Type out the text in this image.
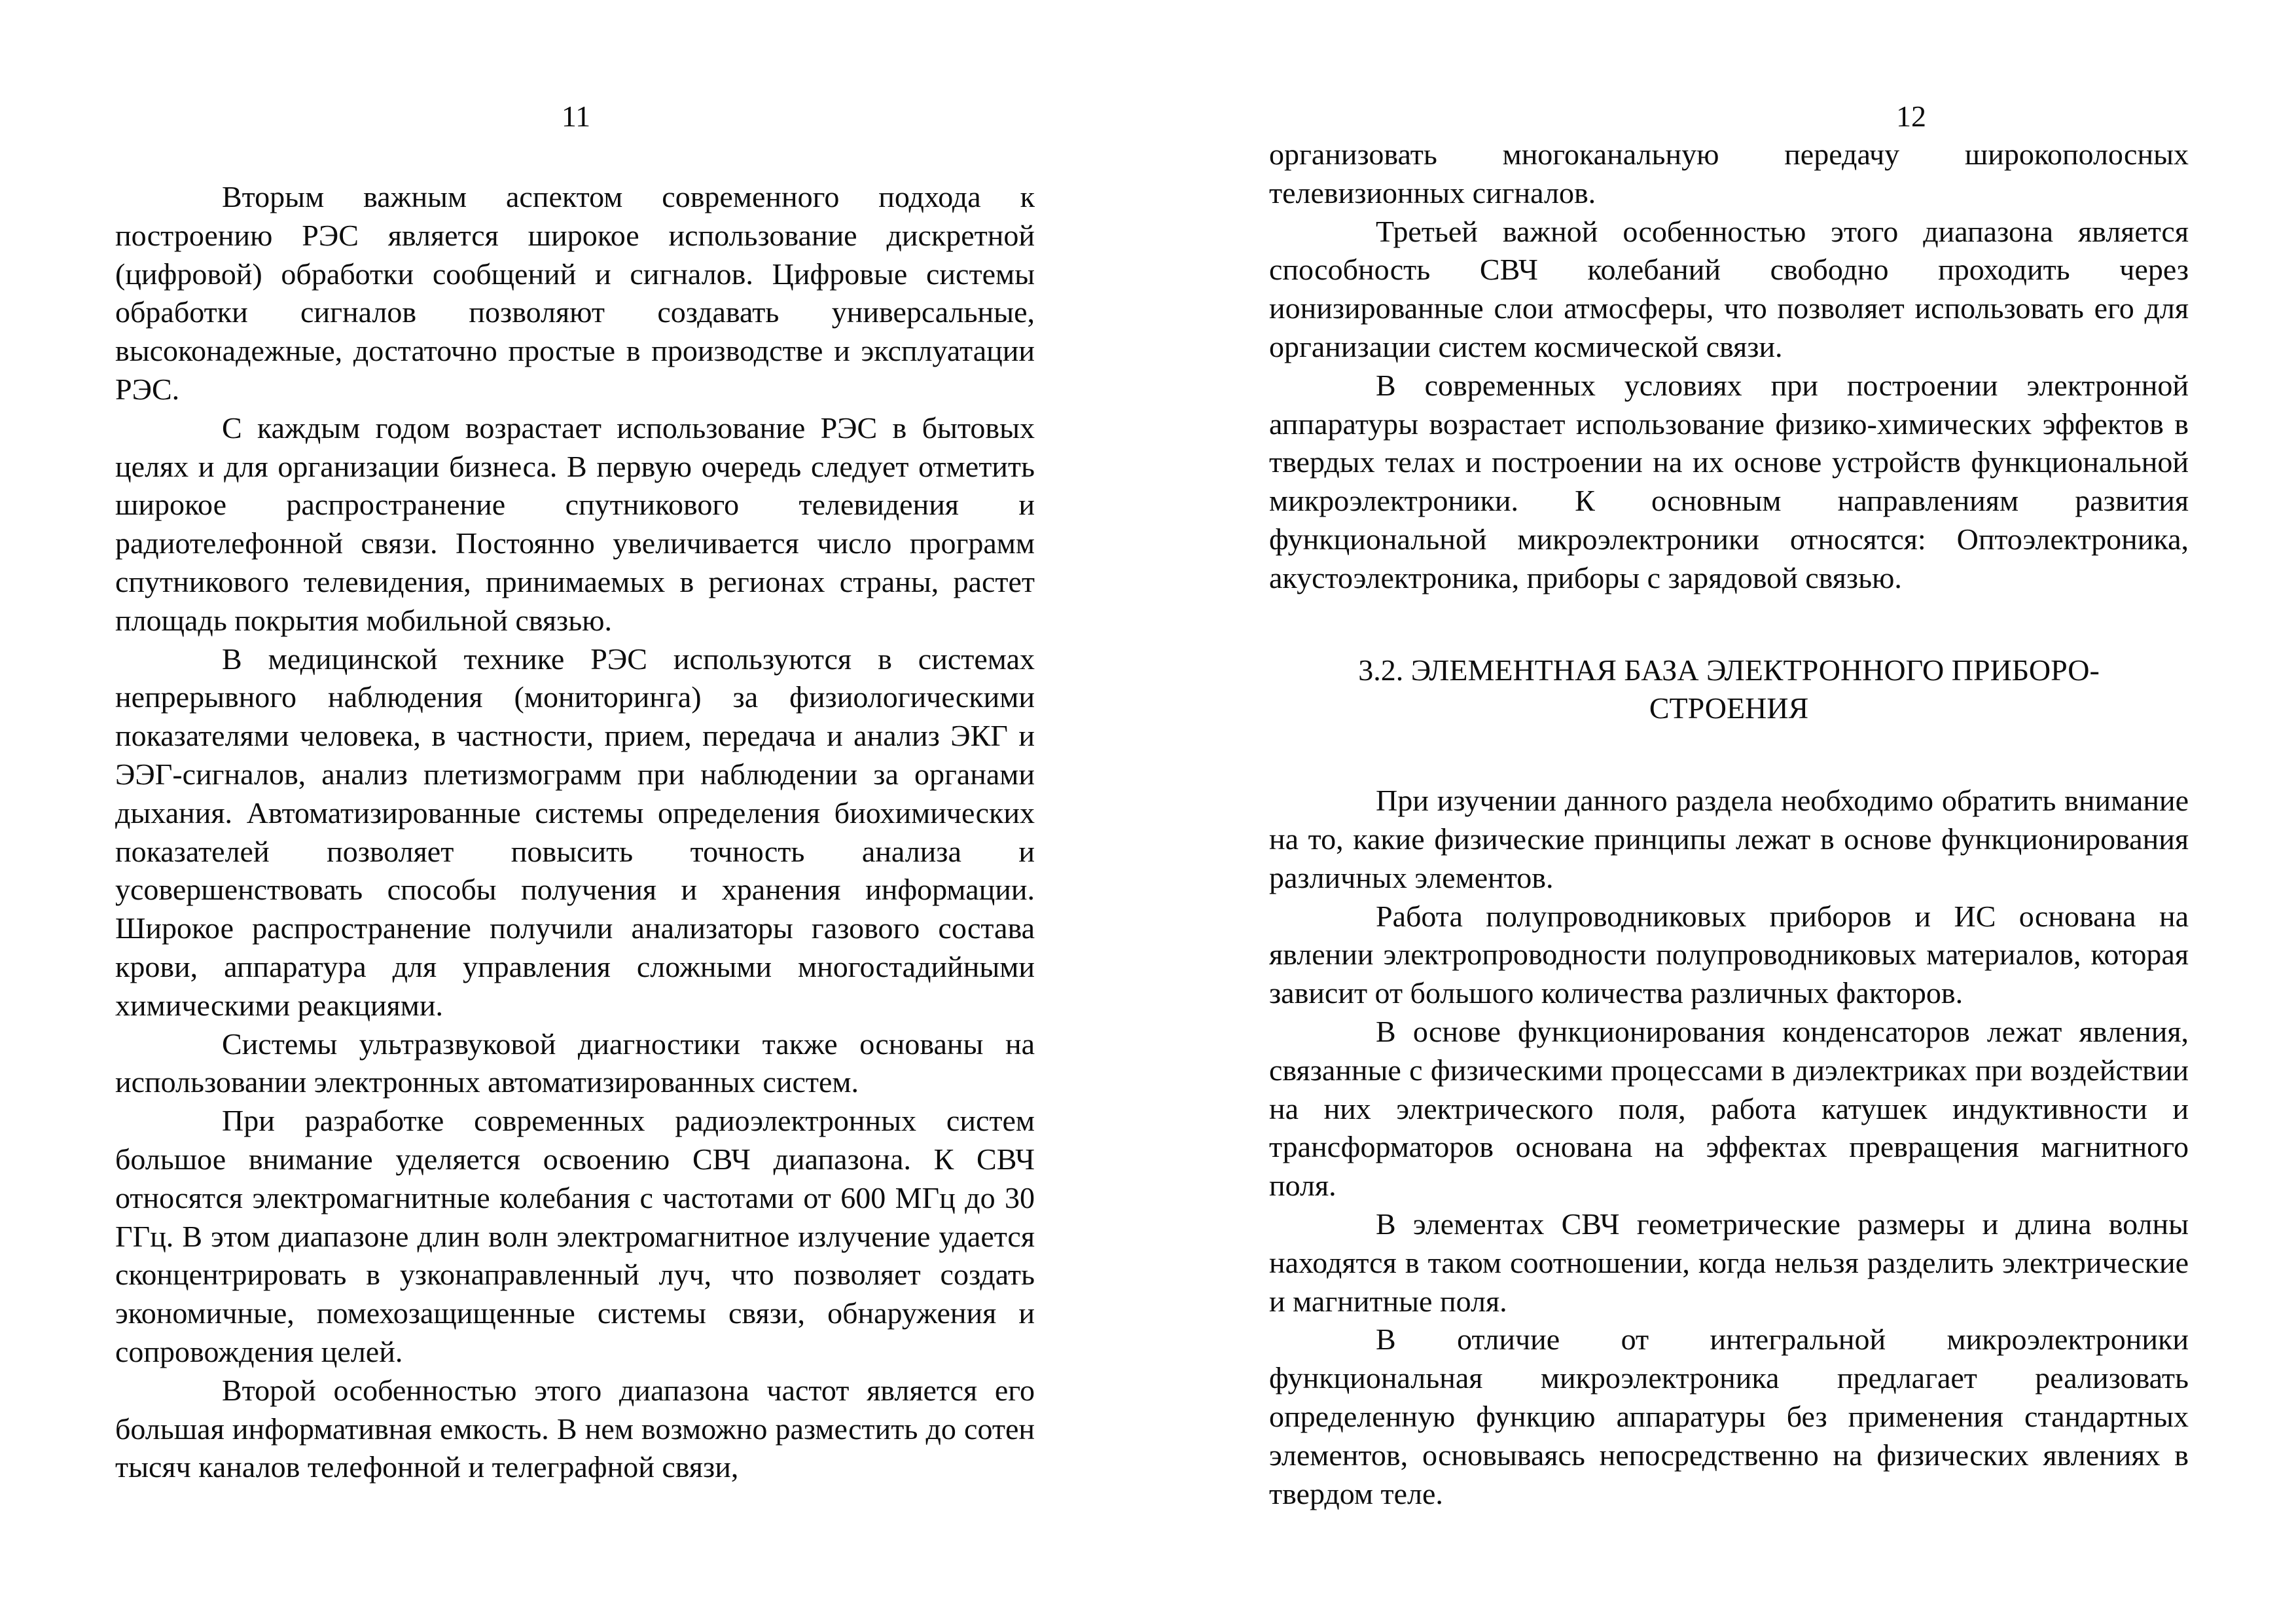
11

Вторым важным аспектом современного подхода к построению РЭС является широкое использование дискретной (цифровой) обработки сообщений и сигналов. Цифровые системы обработки сигналов позволяют создавать универсальные, высоконадежные, достаточно простые в производстве и эксплуатации РЭС.

С каждым годом возрастает использование РЭС в бытовых целях и для организации бизнеса. В первую очередь следует отметить широкое распространение спутникового телевидения и радиотелефонной связи. Постоянно увеличивается число программ спутникового телевидения, принимаемых в регионах страны, растет площадь покрытия мобильной связью.

В медицинской технике РЭС используются в системах непрерывного наблюдения (мониторинга) за физиологическими показателями человека, в частности, прием, передача и анализ ЭКГ и ЭЭГ-сигналов, анализ плетизмограмм при наблюдении за органами дыхания. Автоматизированные системы определения биохимических показателей позволяет повысить точность анализа и усовершенствовать способы получения и хранения информации. Широкое распространение получили анализаторы газового состава крови, аппаратура для управления сложными многостадийными химическими реакциями.

Системы ультразвуковой диагностики также основаны на использовании электронных автоматизированных систем.

При разработке современных радиоэлектронных систем большое внимание уделяется освоению СВЧ диапазона. К СВЧ относятся электромагнитные колебания с частотами от 600 МГц до 30 ГГц. В этом диапазоне длин волн электромагнитное излучение удается сконцентрировать в узконаправленный луч, что позволяет создать экономичные, помехозащищенные системы связи, обнаружения и сопровождения целей.

Второй особенностью этого диапазона частот является его большая информативная емкость. В нем возможно разместить до сотен тысяч каналов телефонной и телеграфной связи,

12

организовать многоканальную передачу широкополосных телевизионных сигналов.

Третьей важной особенностью этого диапазона является способность СВЧ колебаний свободно проходить через ионизированные слои атмосферы, что позволяет использовать его для организации систем космической связи.

В современных условиях при построении электронной аппаратуры возрастает использование физико-химических эффектов в твердых телах и построении на их основе устройств функциональной микроэлектроники. К основным направлениям развития функциональной микроэлектроники относятся: Оптоэлектроника, акустоэлектроника, приборы с зарядовой связью.

3.2. ЭЛЕМЕНТНАЯ БАЗА ЭЛЕКТРОННОГО ПРИБОРО-
СТРОЕНИЯ

При изучении данного раздела необходимо обратить внимание на то, какие физические принципы лежат в основе функционирования различных элементов.

Работа полупроводниковых приборов и ИС основана на явлении электропроводности полупроводниковых материалов, которая зависит от большого количества различных факторов.

В основе функционирования конденсаторов лежат явления, связанные с физическими процессами в диэлектриках при воздействии на них электрического поля, работа катушек индуктивности и трансформаторов основана на эффектах превращения магнитного поля.

В элементах СВЧ геометрические размеры и длина волны находятся в таком соотношении, когда нельзя разделить электрические и магнитные поля.

В отличие от интегральной микроэлектроники функциональная микроэлектроника предлагает реализовать определенную функцию аппаратуры без применения стандартных элементов, основываясь непосредственно на физических явлениях в твердом теле.
